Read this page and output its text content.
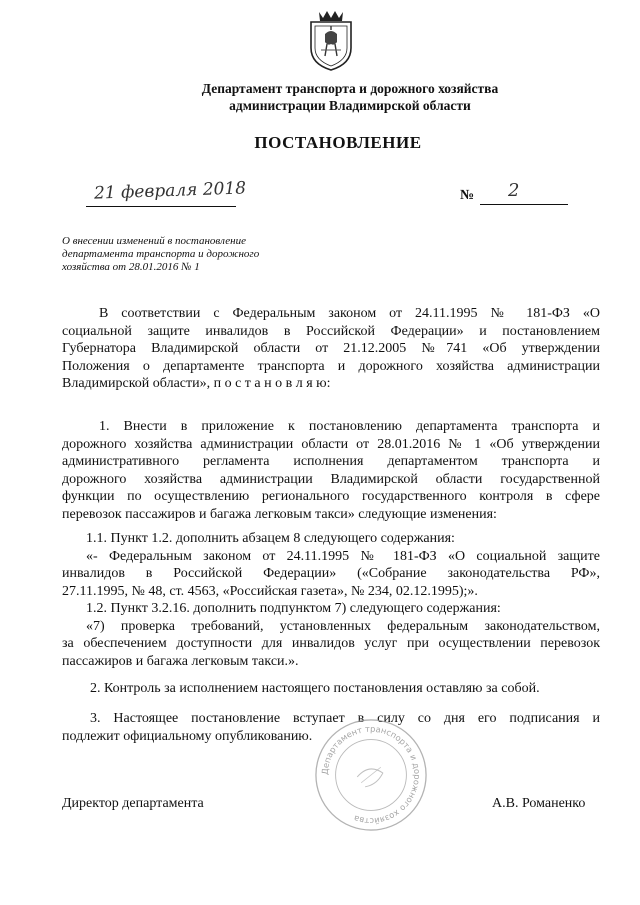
Департамент транспорта и дорожного хозяйства
администрации Владимирской области
ПОСТАНОВЛЕНИЕ
21 февраля 2018	№ 2
О внесении изменений в постановление
департамента транспорта и дорожного
хозяйства от 28.01.2016 № 1
В соответствии с Федеральным законом от 24.11.1995 № 181-ФЗ «О
социальной защите инвалидов в Российской Федерации» и постановлением
Губернатора Владимирской области от 21.12.2005 №741 «Об утверждении
Положения о департаменте транспорта и дорожного хозяйства администрации
Владимирской области», п о с т а н о в л я ю:
1. Внести в приложение к постановлению департамента транспорта и
дорожного хозяйства администрации области от 28.01.2016 № 1 «Об утверждении
административного регламента исполнения департаментом транспорта и
дорожного хозяйства администрации Владимирской области государственной
функции по осуществлению регионального государственного контроля в сфере
перевозок пассажиров и багажа легковым такси» следующие изменения:
1.1. Пункт 1.2. дополнить абзацем 8 следующего содержания:
«- Федеральным законом от 24.11.1995 № 181-ФЗ «О социальной защите
инвалидов в Российской Федерации» («Собрание законодательства РФ»,
27.11.1995, № 48, ст. 4563, «Российская газета», № 234, 02.12.1995);».
1.2. Пункт 3.2.16. дополнить подпунктом 7) следующего содержания:
«7) проверка требований, установленных федеральным законодательством,
за обеспечением доступности для инвалидов услуг при осуществлении перевозок
пассажиров и багажа легковым такси.».
2. Контроль за исполнением настоящего постановления оставляю за собой.
3. Настоящее постановление вступает в силу со дня его подписания и
подлежит официальному опубликованию.
Департамент транспорта и дорожного хозяйства
Директор департамента	А.В. Романенко
